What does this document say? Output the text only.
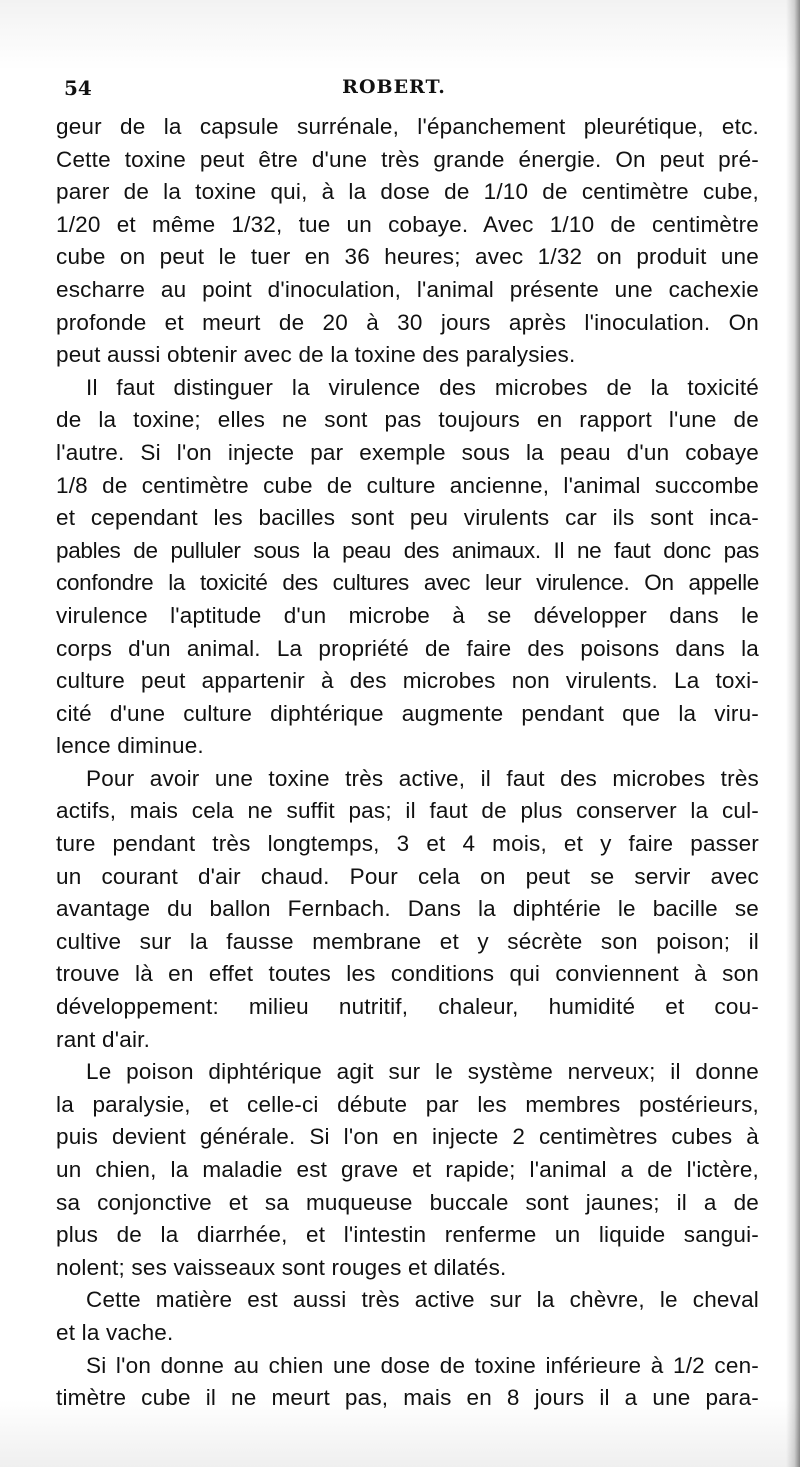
54	ROBERT.
geur de la capsule surrénale, l'épanchement pleurétique, etc.
Cette toxine peut être d'une très grande énergie. On peut pré-
parer de la toxine qui, à la dose de 1/10 de centimètre cube,
1/20 et même 1/32, tue un cobaye. Avec 1/10 de centimètre
cube on peut le tuer en 36 heures; avec 1/32 on produit une
escharre au point d'inoculation, l'animal présente une cachexie
profonde et meurt de 20 à 30 jours après l'inoculation. On
peut aussi obtenir avec de la toxine des paralysies.
Il faut distinguer la virulence des microbes de la toxicité
de la toxine; elles ne sont pas toujours en rapport l'une de
l'autre. Si l'on injecte par exemple sous la peau d'un cobaye
1/8 de centimètre cube de culture ancienne, l'animal succombe
et cependant les bacilles sont peu virulents car ils sont inca-
pables de pulluler sous la peau des animaux. Il ne faut donc pas
confondre la toxicité des cultures avec leur virulence. On appelle
virulence l'aptitude d'un microbe à se développer dans le
corps d'un animal. La propriété de faire des poisons dans la
culture peut appartenir à des microbes non virulents. La toxi-
cité d'une culture diphtérique augmente pendant que la viru-
lence diminue.
Pour avoir une toxine très active, il faut des microbes très
actifs, mais cela ne suffit pas; il faut de plus conserver la cul-
ture pendant très longtemps, 3 et 4 mois, et y faire passer
un courant d'air chaud. Pour cela on peut se servir avec
avantage du ballon Fernbach. Dans la diphtérie le bacille se
cultive sur la fausse membrane et y sécrète son poison; il
trouve là en effet toutes les conditions qui conviennent à son
développement: milieu nutritif, chaleur, humidité et cou-
rant d'air.
Le poison diphtérique agit sur le système nerveux; il donne
la paralysie, et celle-ci débute par les membres postérieurs,
puis devient générale. Si l'on en injecte 2 centimètres cubes à
un chien, la maladie est grave et rapide; l'animal a de l'ictère,
sa conjonctive et sa muqueuse buccale sont jaunes; il a de
plus de la diarrhée, et l'intestin renferme un liquide sangui-
nolent; ses vaisseaux sont rouges et dilatés.
Cette matière est aussi très active sur la chèvre, le cheval
et la vache.
Si l'on donne au chien une dose de toxine inférieure à 1/2 cen-
timètre cube il ne meurt pas, mais en 8 jours il a une para-
